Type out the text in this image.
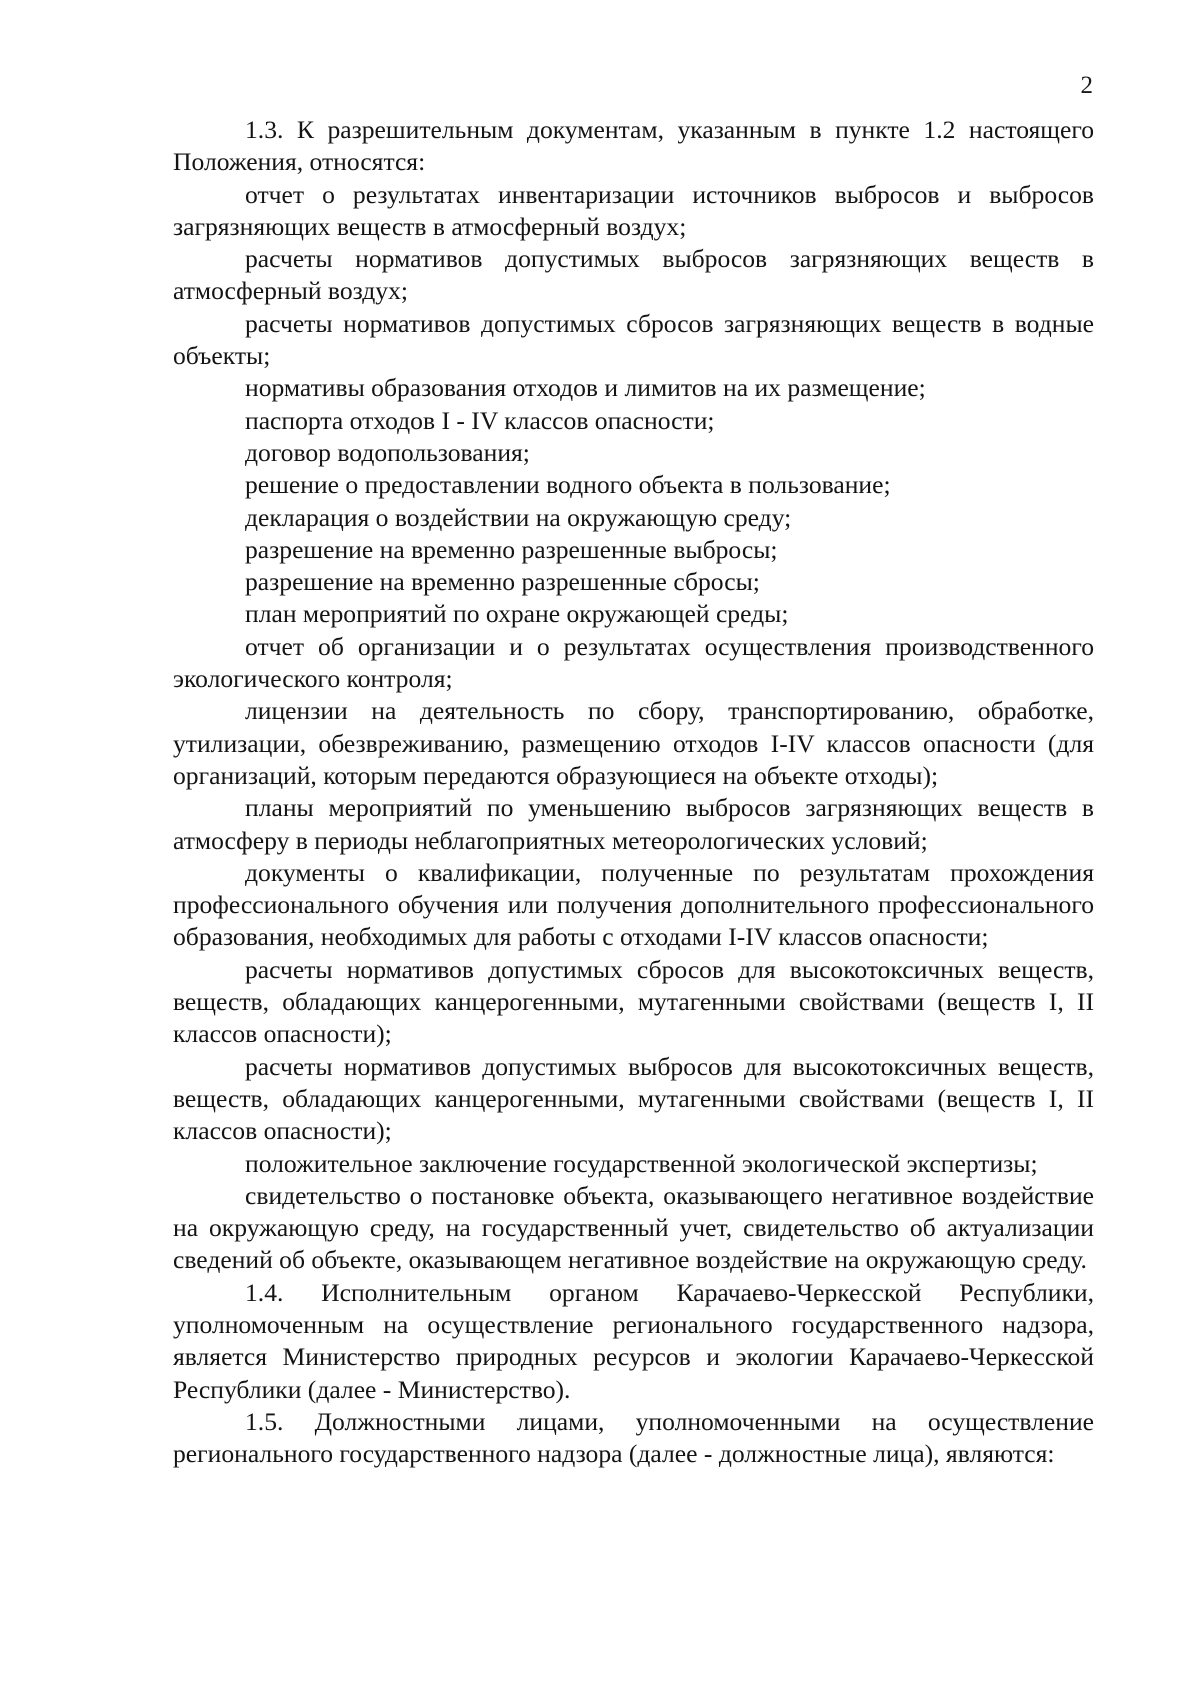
2

1.3. К разрешительным документам, указанным в пункте 1.2 настоящего Положения, относятся:

отчет о результатах инвентаризации источников выбросов и выбросов загрязняющих веществ в атмосферный воздух;

расчеты нормативов допустимых выбросов загрязняющих веществ в атмосферный воздух;

расчеты нормативов допустимых сбросов загрязняющих веществ в водные объекты;

нормативы образования отходов и лимитов на их размещение;

паспорта отходов I - IV классов опасности;

договор водопользования;

решение о предоставлении водного объекта в пользование;

декларация о воздействии на окружающую среду;

разрешение на временно разрешенные выбросы;

разрешение на временно разрешенные сбросы;

план мероприятий по охране окружающей среды;

отчет об организации и о результатах осуществления производственного экологического контроля;

лицензии на деятельность по сбору, транспортированию, обработке, утилизации, обезвреживанию, размещению отходов I-IV классов опасности (для организаций, которым передаются образующиеся на объекте отходы);

планы мероприятий по уменьшению выбросов загрязняющих веществ в атмосферу в периоды неблагоприятных метеорологических условий;

документы о квалификации, полученные по результатам прохождения профессионального обучения или получения дополнительного профессионального образования, необходимых для работы с отходами I-IV классов опасности;

расчеты нормативов допустимых сбросов для высокотоксичных веществ, веществ, обладающих канцерогенными, мутагенными свойствами (веществ I, II классов опасности);

расчеты нормативов допустимых выбросов для высокотоксичных веществ, веществ, обладающих канцерогенными, мутагенными свойствами (веществ I, II классов опасности);

положительное заключение государственной экологической экспертизы;

свидетельство о постановке объекта, оказывающего негативное воздействие на окружающую среду, на государственный учет, свидетельство об актуализации сведений об объекте, оказывающем негативное воздействие на окружающую среду.

1.4. Исполнительным органом Карачаево-Черкесской Республики, уполномоченным на осуществление регионального государственного надзора, является Министерство природных ресурсов и экологии Карачаево-Черкесской Республики (далее - Министерство).

1.5. Должностными лицами, уполномоченными на осуществление регионального государственного надзора (далее - должностные лица), являются:
